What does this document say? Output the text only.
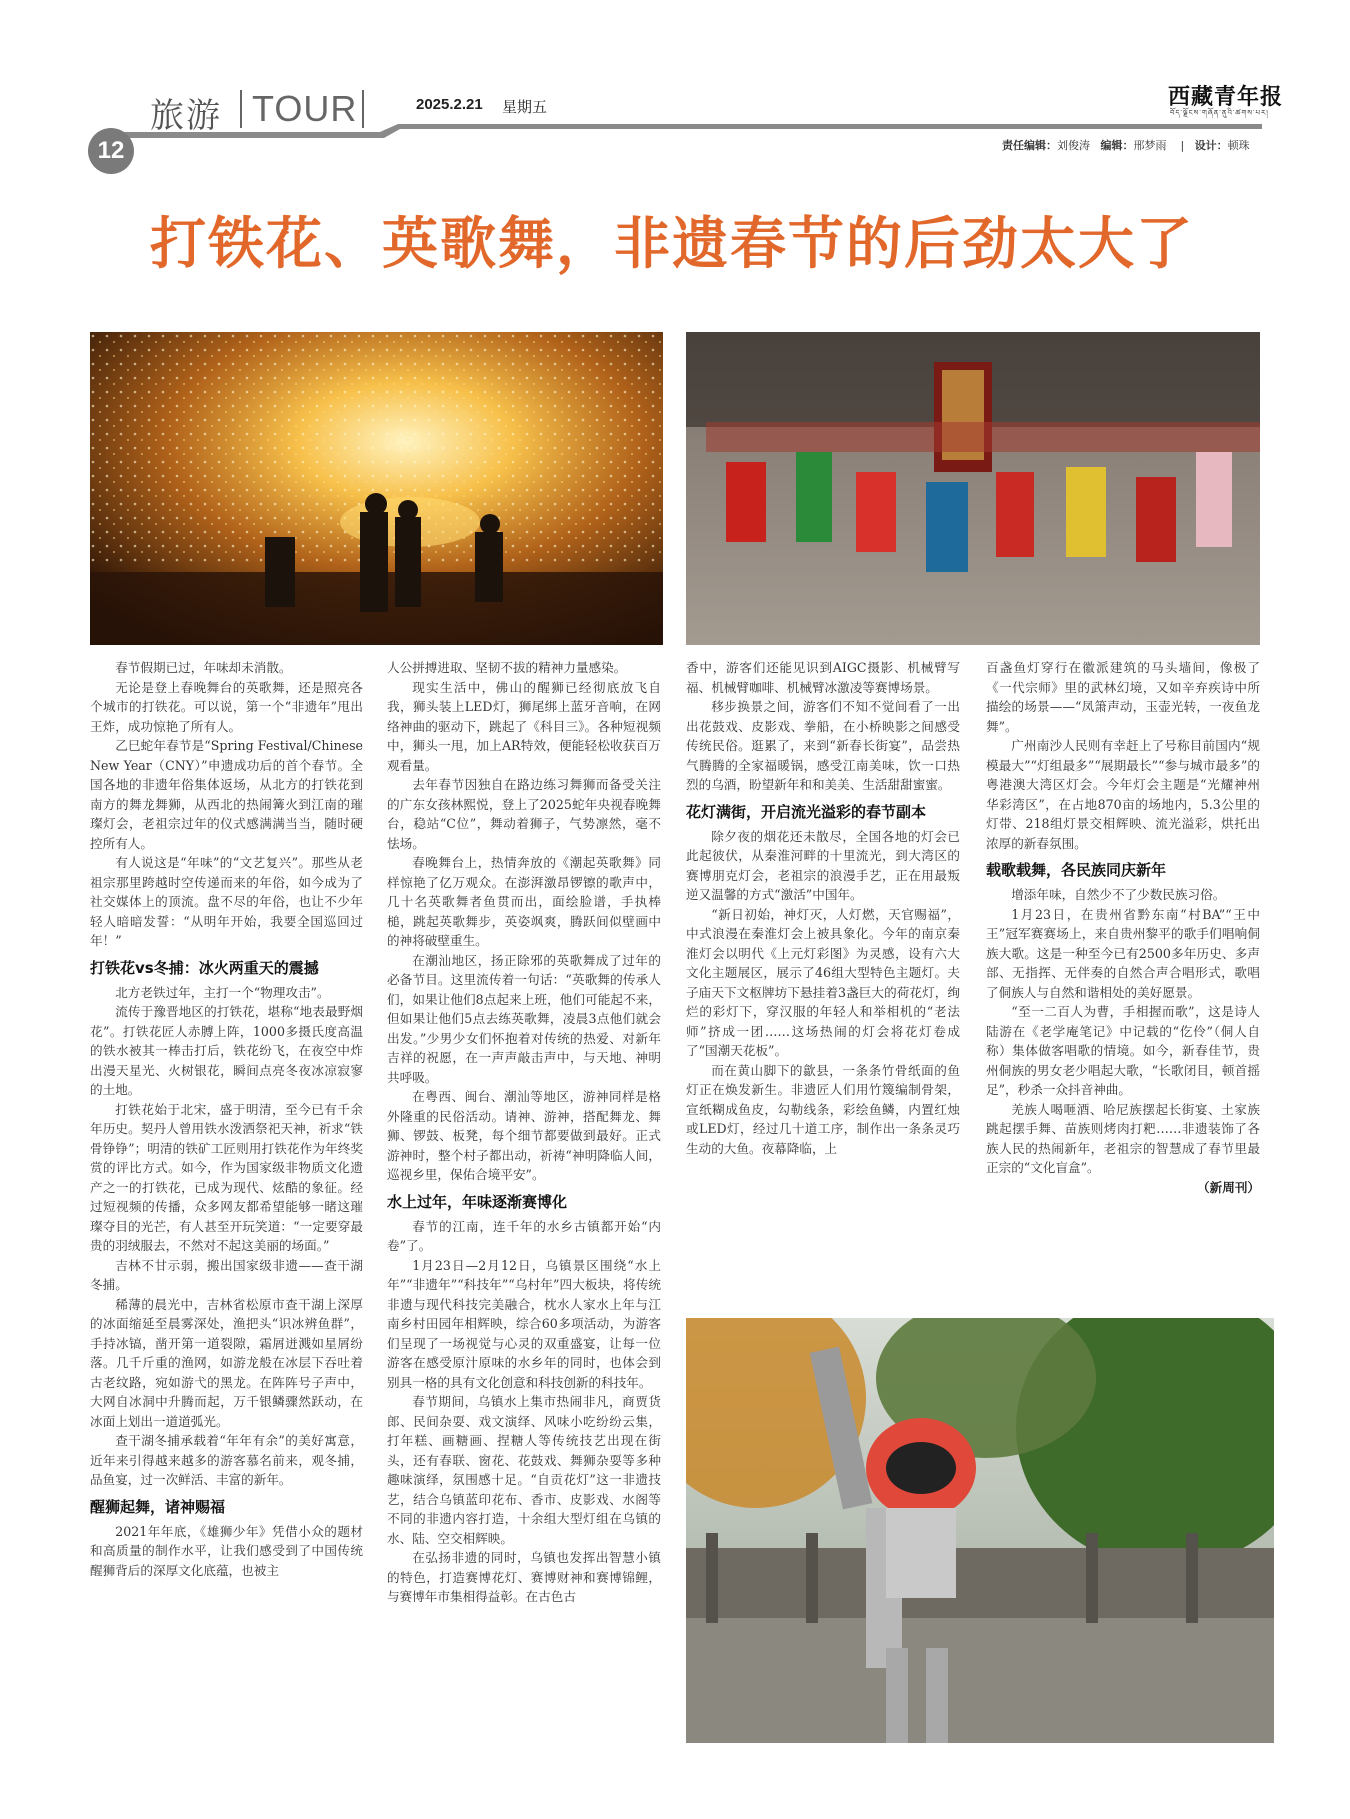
旅游 TOUR	2025.2.21 星期五	西藏青年报
བོད་ལྗོངས་གཞོན་ནུའི་ཚགས་པར།
12	责任编辑：刘俊涛 编辑：邢梦雨    |   设计：顿珠
打铁花、英歌舞，非遗春节的后劲太大了

春节假期已过，年味却未消散。

无论是登上春晚舞台的英歌舞，还是照亮各个城市的打铁花。可以说，第一个“非遗年”甩出王炸，成功惊艳了所有人。

乙巳蛇年春节是“Spring Festival/Chinese New Year（CNY）”申遗成功后的首个春节。全国各地的非遗年俗集体返场，从北方的打铁花到南方的舞龙舞狮，从西北的热闹篝火到江南的璀璨灯会，老祖宗过年的仪式感满满当当，随时硬控所有人。

有人说这是“年味”的“文艺复兴”。那些从老祖宗那里跨越时空传递而来的年俗，如今成为了社交媒体上的顶流。盘不尽的年俗，也让不少年轻人暗暗发誓：“从明年开始，我要全国巡回过年！”

打铁花vs冬捕：冰火两重天的震撼

北方老铁过年，主打一个“物理攻击”。

流传于豫晋地区的打铁花，堪称“地表最野烟花”。打铁花匠人赤膊上阵，1000多摄氏度高温的铁水被其一棒击打后，铁花纷飞，在夜空中炸出漫天星光、火树银花，瞬间点亮冬夜冰凉寂寥的土地。

打铁花始于北宋，盛于明清，至今已有千余年历史。契丹人曾用铁水泼洒祭祀天神，祈求“铁骨铮铮”；明清的铁矿工匠则用打铁花作为年终奖赏的评比方式。如今，作为国家级非物质文化遗产之一的打铁花，已成为现代、炫酷的象征。经过短视频的传播，众多网友都希望能够一睹这璀璨夺目的光芒，有人甚至开玩笑道：“一定要穿最贵的羽绒服去，不然对不起这美丽的场面。”

吉林不甘示弱，搬出国家级非遗——查干湖冬捕。

稀薄的晨光中，吉林省松原市查干湖上深厚的冰面缩延至晨雾深处，渔把头“识冰辨鱼群”，手持冰镐，凿开第一道裂隙，霜屑迸溅如星屑纷落。几千斤重的渔网，如游龙般在冰层下吞吐着古老纹路，宛如游弋的黑龙。在阵阵号子声中，大网自冰洞中升腾而起，万千银鳞骤然跃动，在冰面上划出一道道弧光。

查干湖冬捕承载着“年年有余”的美好寓意，近年来引得越来越多的游客慕名前来，观冬捕，品鱼宴，过一次鲜活、丰富的新年。

醒狮起舞，诸神赐福

2021年年底，《雄狮少年》凭借小众的题材和高质量的制作水平，让我们感受到了中国传统醒狮背后的深厚文化底蕴，也被主

人公拼搏进取、坚韧不拔的精神力量感染。

现实生活中，佛山的醒狮已经彻底放飞自我，狮头装上LED灯，狮尾绑上蓝牙音响，在网络神曲的驱动下，跳起了《科目三》。各种短视频中，狮头一甩，加上AR特效，便能轻松收获百万观看量。

去年春节因独自在路边练习舞狮而备受关注的广东女孩林熙悦，登上了2025蛇年央视春晚舞台，稳站“C位”，舞动着狮子，气势凛然，毫不怯场。

春晚舞台上，热情奔放的《潮起英歌舞》同样惊艳了亿万观众。在澎湃激昂锣镲的歌声中，几十名英歌舞者鱼贯而出，面绘脸谱，手执棒槌，跳起英歌舞步，英姿飒爽，腾跃间似壁画中的神将破壁重生。

在潮汕地区，扬正除邪的英歌舞成了过年的必备节目。这里流传着一句话：“英歌舞的传承人们，如果让他们8点起来上班，他们可能起不来，但如果让他们5点去练英歌舞，凌晨3点他们就会出发。”少男少女们怀抱着对传统的热爱、对新年吉祥的祝愿，在一声声敲击声中，与天地、神明共呼吸。

在粤西、闽台、潮汕等地区，游神同样是格外隆重的民俗活动。请神、游神，搭配舞龙、舞狮、锣鼓、板凳，每个细节都要做到最好。正式游神时，整个村子都出动，祈祷“神明降临人间，巡视乡里，保佑合境平安”。

水上过年，年味逐渐赛博化

春节的江南，连千年的水乡古镇都开始“内卷”了。

1月23日—2月12日，乌镇景区围绕“水上年”“非遗年”“科技年”“乌村年”四大板块，将传统非遗与现代科技完美融合，枕水人家水上年与江南乡村田园年相辉映，综合60多项活动，为游客们呈现了一场视觉与心灵的双重盛宴，让每一位游客在感受原汁原味的水乡年的同时，也体会到别具一格的具有文化创意和科技创新的科技年。

春节期间，乌镇水上集市热闹非凡，商贾货郎、民间杂耍、戏文演绎、风味小吃纷纷云集，打年糕、画糖画、捏糖人等传统技艺出现在街头，还有春联、窗花、花鼓戏、舞狮杂耍等多种趣味演绎，氛围感十足。“自贡花灯”这一非遗技艺，结合乌镇蓝印花布、香市、皮影戏、水阁等不同的非遗内容打造，十余组大型灯组在乌镇的水、陆、空交相辉映。

在弘扬非遗的同时，乌镇也发挥出智慧小镇的特色，打造赛博花灯、赛博财神和赛博锦鲤，与赛博年市集相得益彰。在古色古

香中，游客们还能见识到AIGC摄影、机械臂写福、机械臂咖啡、机械臂冰激凌等赛博场景。

移步换景之间，游客们不知不觉间看了一出出花鼓戏、皮影戏、拳船，在小桥映影之间感受传统民俗。逛累了，来到“新春长街宴”，品尝热气腾腾的全家福暖锅，感受江南美味，饮一口热烈的乌酒，盼望新年和和美美、生活甜甜蜜蜜。

花灯满街，开启流光溢彩的春节副本

除夕夜的烟花还未散尽，全国各地的灯会已此起彼伏，从秦淮河畔的十里流光，到大湾区的赛博朋克灯会，老祖宗的浪漫手艺，正在用最叛逆又温馨的方式“激活”中国年。

“新日初始，神灯灭，人灯燃，天官赐福”，中式浪漫在秦淮灯会上被具象化。今年的南京秦淮灯会以明代《上元灯彩图》为灵感，设有六大文化主题展区，展示了46组大型特色主题灯。夫子庙天下文枢牌坊下悬挂着3盏巨大的荷花灯，绚烂的彩灯下，穿汉服的年轻人和举相机的“老法师”挤成一团……这场热闹的灯会将花灯卷成了“国潮天花板”。

而在黄山脚下的歙县，一条条竹骨纸面的鱼灯正在焕发新生。非遗匠人们用竹篾编制骨架，宣纸糊成鱼皮，勾勒线条，彩绘鱼鳞，内置红烛或LED灯，经过几十道工序，制作出一条条灵巧生动的大鱼。夜幕降临，上

百盏鱼灯穿行在徽派建筑的马头墙间，像极了《一代宗师》里的武林幻境，又如辛弃疾诗中所描绘的场景——“凤箫声动，玉壶光转，一夜鱼龙舞”。

广州南沙人民则有幸赶上了号称目前国内“规模最大”“灯组最多”“展期最长”“参与城市最多”的粤港澳大湾区灯会。今年灯会主题是“光耀神州 华彩湾区”，在占地870亩的场地内，5.3公里的灯带、218组灯景交相辉映、流光溢彩，烘托出浓厚的新春氛围。

载歌载舞，各民族同庆新年

增添年味，自然少不了少数民族习俗。

1月23日，在贵州省黔东南“村BA”“王中王”冠军赛赛场上，来自贵州黎平的歌手们唱响侗族大歌。这是一种至今已有2500多年历史、多声部、无指挥、无伴奏的自然合声合唱形式，歌唱了侗族人与自然和谐相处的美好愿景。

“至一二百人为曹，手相握而歌”，这是诗人陆游在《老学庵笔记》中记载的“仡伶”（侗人自称）集体做客唱歌的情境。如今，新春佳节，贵州侗族的男女老少唱起大歌，“长歌闭目，顿首摇足”，秒杀一众抖音神曲。

羌族人喝咂酒、哈尼族摆起长街宴、土家族跳起摆手舞、苗族则烤肉打粑……非遗装饰了各族人民的热闹新年，老祖宗的智慧成了春节里最正宗的“文化盲盒”。

（新周刊）
